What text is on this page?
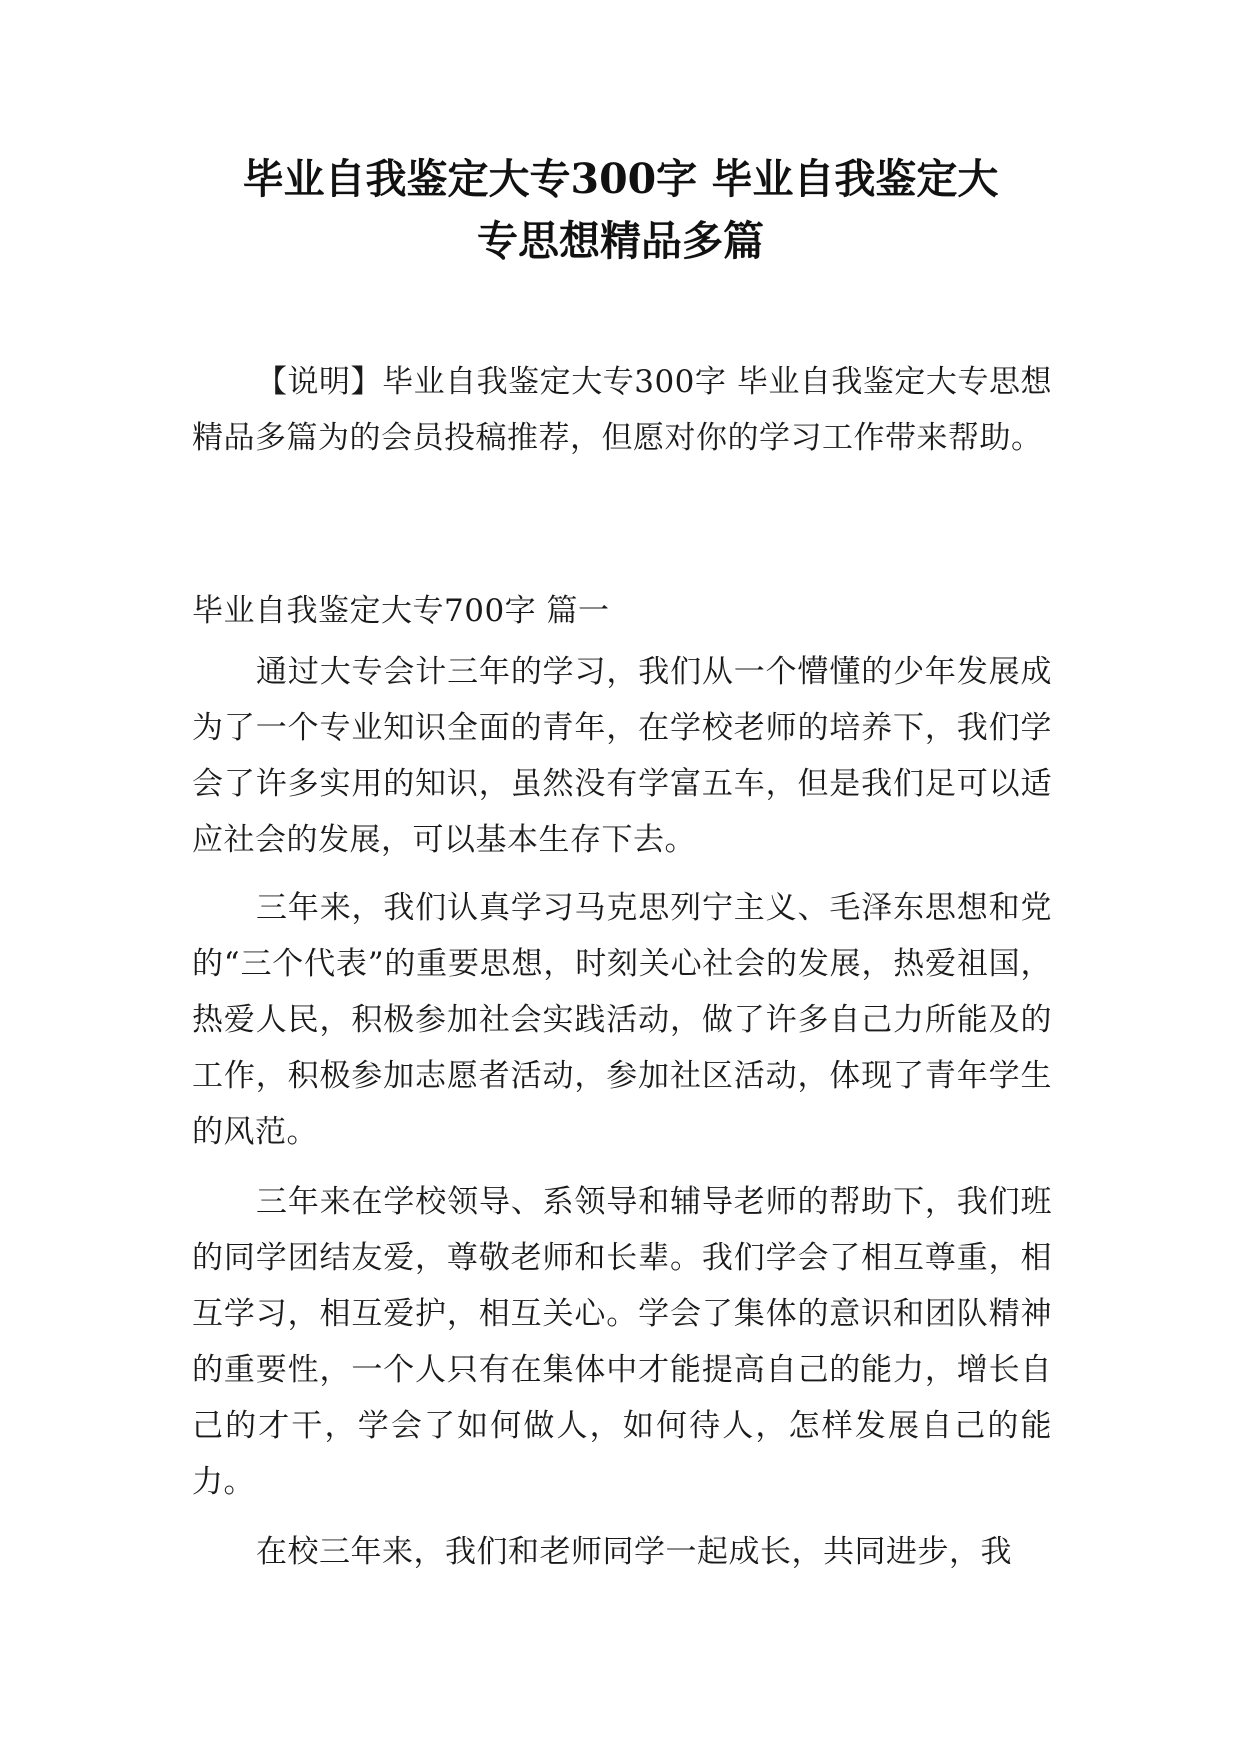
毕业自我鉴定大专300字 毕业自我鉴定大
专思想精品多篇

【说明】毕业自我鉴定大专300字 毕业自我鉴定大专思想精品多篇为的会员投稿推荐，但愿对你的学习工作带来帮助。

毕业自我鉴定大专700字 篇一

通过大专会计三年的学习，我们从一个懵懂的少年发展成为了一个专业知识全面的青年，在学校老师的培养下，我们学会了许多实用的知识，虽然没有学富五车，但是我们足可以适应社会的发展，可以基本生存下去。

三年来，我们认真学习马克思列宁主义、毛泽东思想和党的“三个代表”的重要思想，时刻关心社会的发展，热爱祖国，热爱人民，积极参加社会实践活动，做了许多自己力所能及的工作，积极参加志愿者活动，参加社区活动，体现了青年学生的风范。

三年来在学校领导、系领导和辅导老师的帮助下，我们班的同学团结友爱，尊敬老师和长辈。我们学会了相互尊重，相互学习，相互爱护，相互关心。学会了集体的意识和团队精神的重要性，一个人只有在集体中才能提高自己的能力，增长自己的才干，学会了如何做人，如何待人，怎样发展自己的能力。

在校三年来，我们和老师同学一起成长，共同进步，我
